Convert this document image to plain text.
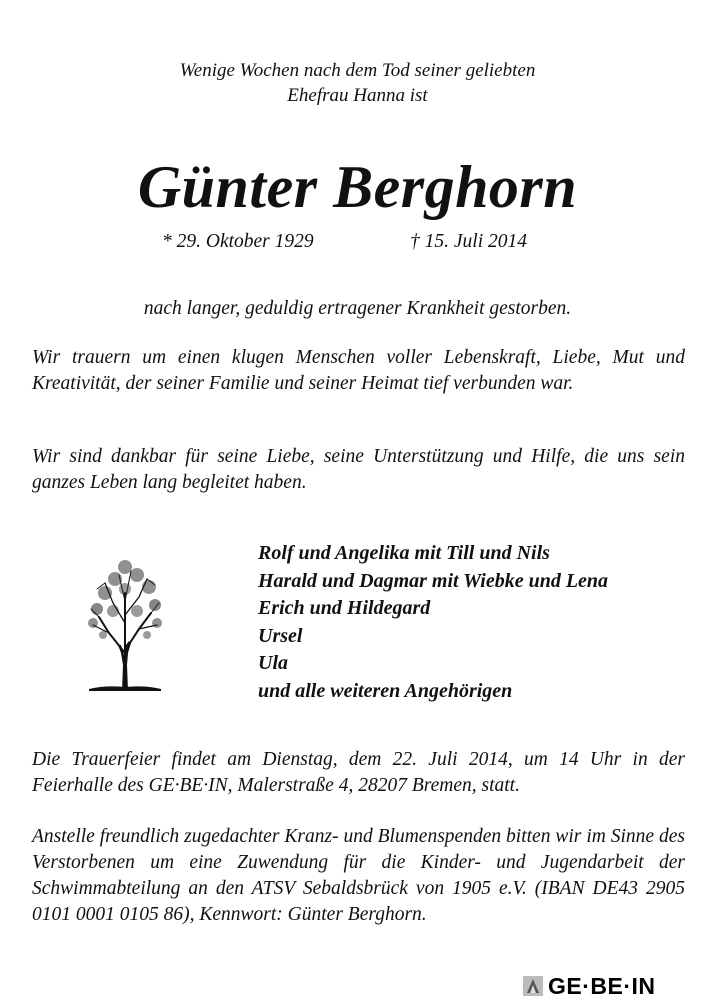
Wenige Wochen nach dem Tod seiner geliebten
Ehefrau Hanna ist
Günter Berghorn
* 29. Oktober 1929	† 15. Juli 2014
nach langer, geduldig ertragener Krankheit gestorben.
Wir trauern um einen klugen Menschen voller Lebenskraft, Liebe, Mut und Kreativität, der seiner Familie und seiner Heimat tief verbunden war.
Wir sind dankbar für seine Liebe, seine Unterstützung und Hilfe, die uns sein ganzes Leben lang begleitet haben.
Rolf und Angelika mit Till und Nils
Harald und Dagmar mit Wiebke und Lena
Erich und Hildegard
Ursel
Ula
und alle weiteren Angehörigen
Die Trauerfeier findet am Dienstag, dem 22. Juli 2014, um 14 Uhr in der Feierhalle des GE·BE·IN, Malerstraße 4, 28207 Bremen, statt.
Anstelle freundlich zugedachter Kranz- und Blumenspenden bitten wir im Sinne des Verstorbenen um eine Zuwendung für die Kinder- und Jugendarbeit der Schwimmabteilung an den ATSV Sebaldsbrück von 1905 e.V. (IBAN DE43 2905 0101 0001 0105 86), Kennwort: Günter Berghorn.
GE·BE·IN
